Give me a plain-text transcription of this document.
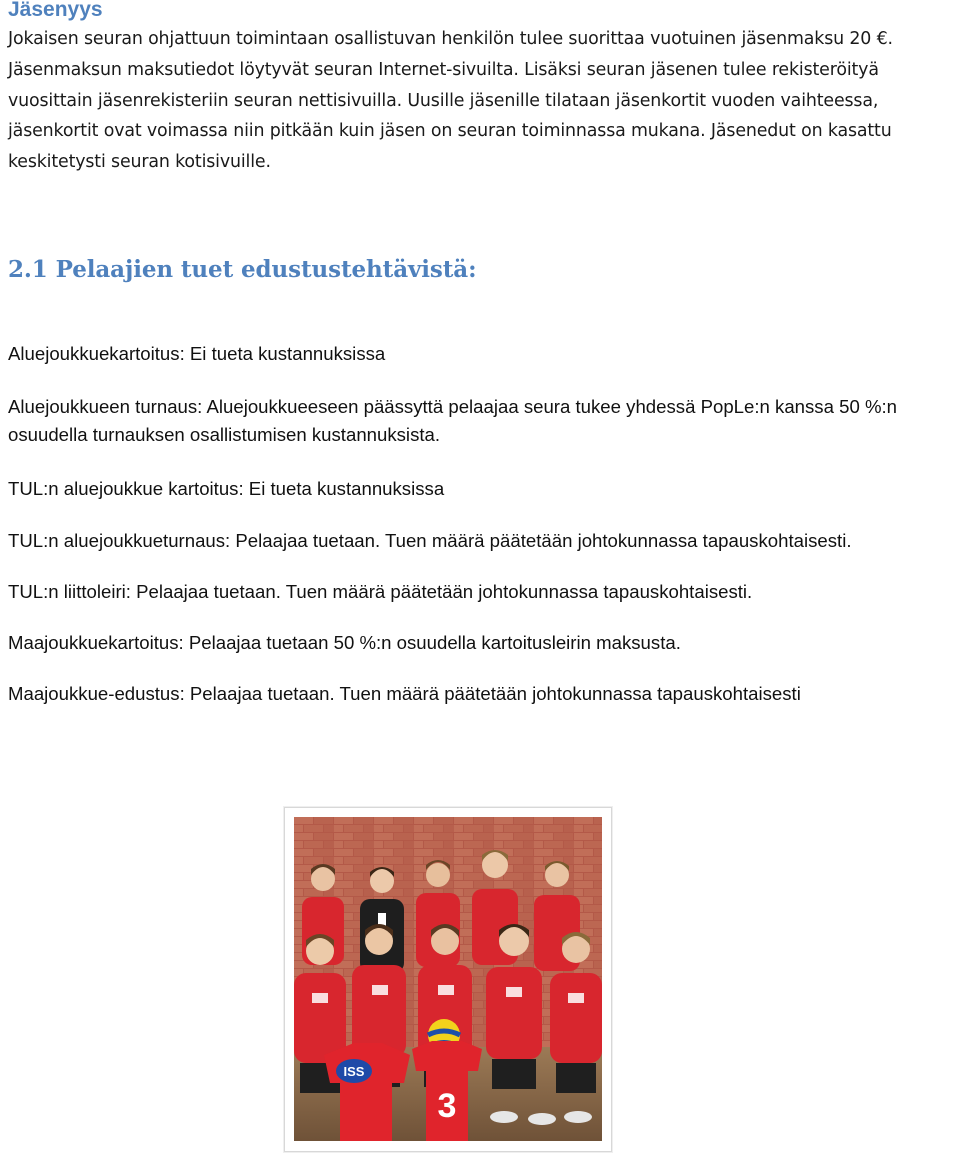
Jäsenyys

Jokaisen seuran ohjattuun toimintaan osallistuvan henkilön tulee suorittaa vuotuinen jäsenmaksu 20 €. Jäsenmaksun maksutiedot löytyvät seuran Internet-sivuilta. Lisäksi seuran jäsenen tulee rekisteröityä vuosittain jäsenrekisteriin seuran nettisivuilla. Uusille jäsenille tilataan jäsenkortit vuoden vaihteessa, jäsenkortit ovat voimassa niin pitkään kuin jäsen on seuran toiminnassa mukana. Jäsenedut on kasattu keskitetysti seuran kotisivuille.

2.1 Pelaajien tuet edustustehtävistä:

Aluejoukkuekartoitus: Ei tueta kustannuksissa

Aluejoukkueen turnaus: Aluejoukkueeseen päässyttä pelaajaa seura tukee yhdessä PopLe:n kanssa 50 %:n osuudella turnauksen osallistumisen kustannuksista.

TUL:n aluejoukkue kartoitus: Ei tueta kustannuksissa

TUL:n aluejoukkueturnaus: Pelaajaa tuetaan. Tuen määrä päätetään johtokunnassa tapauskohtaisesti.

TUL:n liittoleiri: Pelaajaa tuetaan. Tuen määrä päätetään johtokunnassa tapauskohtaisesti.

Maajoukkuekartoitus: Pelaajaa tuetaan 50 %:n osuudella kartoitusleirin maksusta.

Maajoukkue-edustus: Pelaajaa tuetaan. Tuen määrä päätetään johtokunnassa tapauskohtaisesti

ISS
3
